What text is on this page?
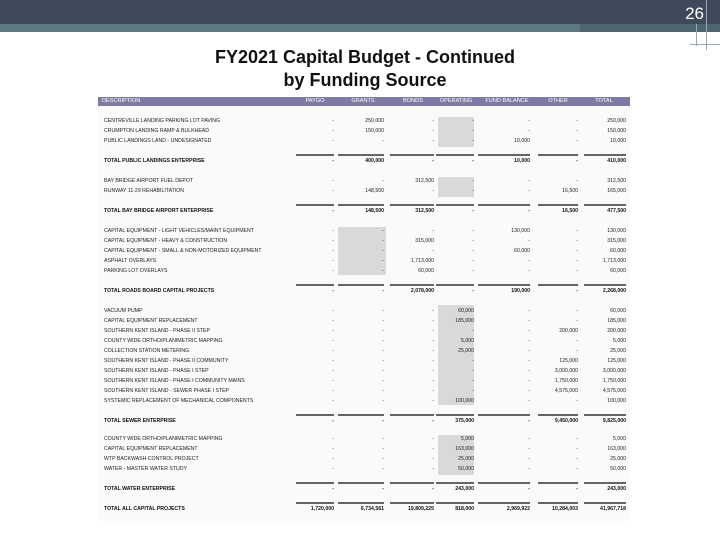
26
FY2021 Capital Budget - Continued
by Funding Source
DESCRIPTION	PAYGO	GRANTS	BONDS	OPERATING	FUND BALANCE	OTHER	TOTAL
CENTREVILLE LANDING PARKING LOT PAVING	-	250,000	-	-	-	-	250,000
CRUMPTON LANDING RAMP & BULKHEAD	-	150,000	-	-	-	-	150,000
PUBLIC LANDINGS LAND - UNDESIGNATED	-	-	-	-	10,000	-	10,000
TOTAL PUBLIC LANDINGS ENTERPRISE	-	400,000	-	-	10,000	-	410,000
BAY BRIDGE AIRPORT FUEL DEPOT	-	-	312,500	-	-	-	312,500
RUNWAY 11-29 REHABILITATION	-	148,500	-	-	-	16,500	165,000
TOTAL BAY BRIDGE AIRPORT ENTERPRISE	-	148,500	312,500	-	-	16,500	477,500
CAPITAL EQUIPMENT - LIGHT VEHICLES/MAINT EQUIPMENT	-	-	-	-	130,000	-	130,000
CAPITAL EQUIPMENT - HEAVY & CONSTRUCTION	-	-	315,000	-	-	-	315,000
CAPITAL EQUIPMENT - SMALL & NON-MOTORIZED EQUIPMENT	-	-	-	-	60,000	-	60,000
ASPHALT OVERLAYS	-	-	1,713,000	-	-	-	1,713,000
PARKING LOT OVERLAYS	-	-	60,000	-	-	-	60,000
TOTAL ROADS BOARD CAPITAL PROJECTS	-	-	2,078,000	-	190,000	-	2,268,000
VACUUM PUMP	-	-	-	60,000	-	-	60,000
CAPITAL EQUIPMENT REPLACEMENT	-	-	-	185,000	-	-	185,000
SOUTHERN KENT ISLAND - PHASE II STEP	-	-	-	-	-	200,000	200,000
COUNTY WIDE ORTHO/PLANIMETRIC MAPPING	-	-	-	5,000	-	-	5,000
COLLECTION STATION METERING	-	-	-	25,000	-	-	25,000
SOUTHERN KENT ISLAND - PHASE II COMMUNITY	-	-	-	-	-	125,000	125,000
SOUTHERN KENT ISLAND - PHASE I STEP	-	-	-	-	-	3,000,000	3,000,000
SOUTHERN KENT ISLAND - PHASE I COMMUNITY MAINS	-	-	-	-	-	1,750,000	1,750,000
SOUTHERN KENT ISLAND - SEWER PHASE I STEP	-	-	-	-	-	4,575,000	4,575,000
SYSTEMIC REPLACEMENT OF MECHANICAL COMPONENTS	-	-	-	100,000	-	-	100,000
TOTAL SEWER ENTERPRISE	-	-	-	375,000	-	9,450,000	9,825,000
COUNTY WIDE ORTHO/PLANIMETRIC MAPPING	-	-	-	5,000	-	-	5,000
CAPITAL EQUIPMENT REPLACEMENT	-	-	-	163,000	-	-	163,000
WTP BACKWASH CONTROL PROJECT	-	-	-	25,000	-	-	25,000
WATER - MASTER WATER STUDY	-	-	-	50,000	-	-	50,000
TOTAL WATER ENTERPRISE	-	-	-	243,000	-	-	243,000
TOTAL ALL CAPITAL PROJECTS	1,720,000	6,734,561	19,809,225	818,000	2,969,922	10,284,003	41,967,718
